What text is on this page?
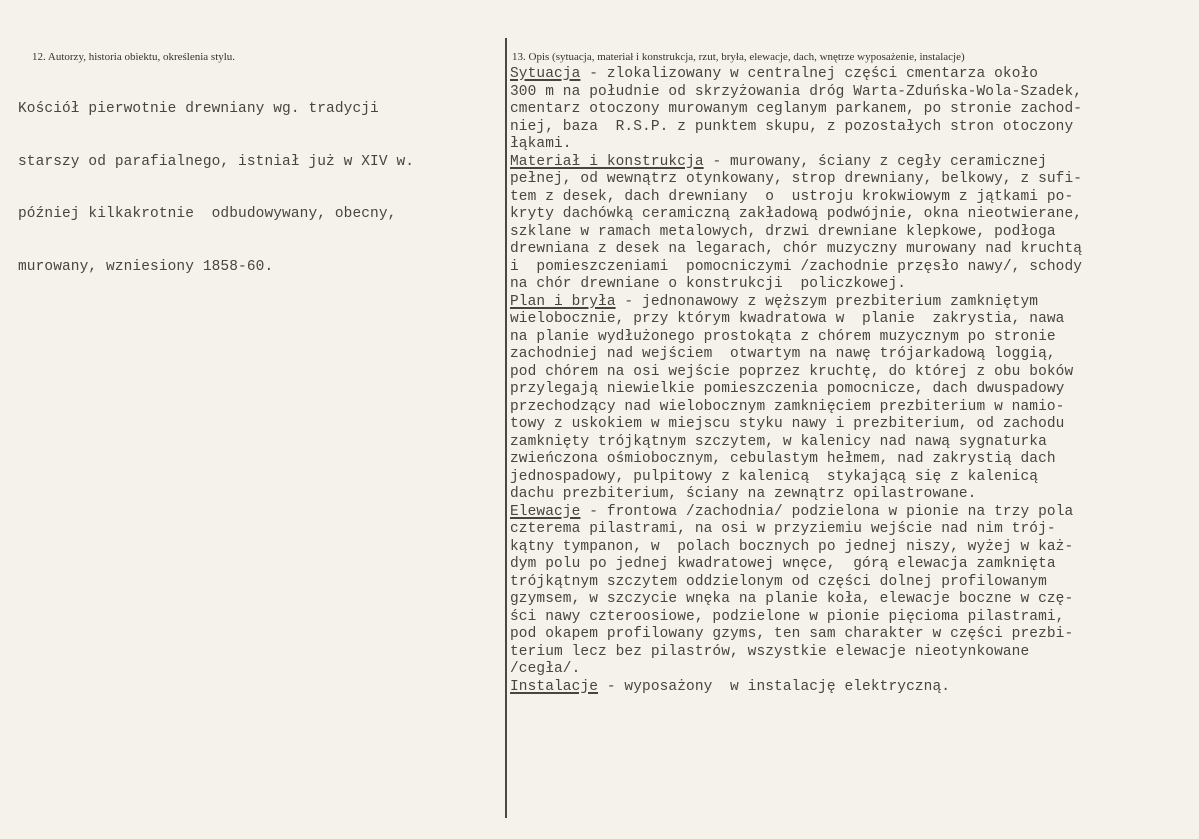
12. Autorzy, historia obiektu, określenia stylu.

Kościół pierwotnie drewniany wg. tradycji

starszy od parafialnego, istniał już w XIV w.

później kilkakrotnie  odbudowywany, obecny,

murowany, wzniesiony 1858-60.

13. Opis (sytuacja, materiał i konstrukcja, rzut, bryła, elewacje, dach, wnętrze wyposażenie, instalacje)
Sytuacja - zlokalizowany w centralnej części cmentarza około
300 m na południe od skrzyżowania dróg Warta-Zduńska-Wola-Szadek,
cmentarz otoczony murowanym ceglanym parkanem, po stronie zachod-
niej, baza  R.S.P. z punktem skupu, z pozostałych stron otoczony
łąkami.
Materiał i konstrukcja - murowany, ściany z cegły ceramicznej
pełnej, od wewnątrz otynkowany, strop drewniany, belkowy, z sufi-
tem z desek, dach drewniany  o  ustroju krokwiowym z jątkami po-
kryty dachówką ceramiczną zakładową podwójnie, okna nieotwierane,
szklane w ramach metalowych, drzwi drewniane klepkowe, podłoga
drewniana z desek na legarach, chór muzyczny murowany nad kruchtą
i  pomieszczeniami  pomocniczymi /zachodnie przęsło nawy/, schody
na chór drewniane o konstrukcji  policzkowej.
Plan i bryła - jednonawowy z węższym prezbiterium zamkniętym
wielobocznie, przy którym kwadratowa w  planie  zakrystia, nawa
na planie wydłużonego prostokąta z chórem muzycznym po stronie
zachodniej nad wejściem  otwartym na nawę trójarkadową loggią,
pod chórem na osi wejście poprzez kruchtę, do której z obu boków
przylegają niewielkie pomieszczenia pomocnicze, dach dwuspadowy
przechodzący nad wielobocznym zamknięciem prezbiterium w namio-
towy z uskokiem w miejscu styku nawy i prezbiterium, od zachodu
zamknięty trójkątnym szczytem, w kalenicy nad nawą sygnaturka
zwieńczona ośmiobocznym, cebulastym hełmem, nad zakrystią dach
jednospadowy, pulpitowy z kalenicą  stykającą się z kalenicą
dachu prezbiterium, ściany na zewnątrz opilastrowane.
Elewacje - frontowa /zachodnia/ podzielona w pionie na trzy pola
czterema pilastrami, na osi w przyziemiu wejście nad nim trój-
kątny tympanon, w  polach bocznych po jednej niszy, wyżej w każ-
dym polu po jednej kwadratowej wnęce,  górą elewacja zamknięta
trójkątnym szczytem oddzielonym od części dolnej profilowanym
gzymsem, w szczycie wnęka na planie koła, elewacje boczne w czę-
ści nawy czteroosiowe, podzielone w pionie pięcioma pilastrami,
pod okapem profilowany gzyms, ten sam charakter w części prezbi-
terium lecz bez pilastrów, wszystkie elewacje nieotynkowane
/cegła/.
Instalacje - wyposażony  w instalację elektryczną.
